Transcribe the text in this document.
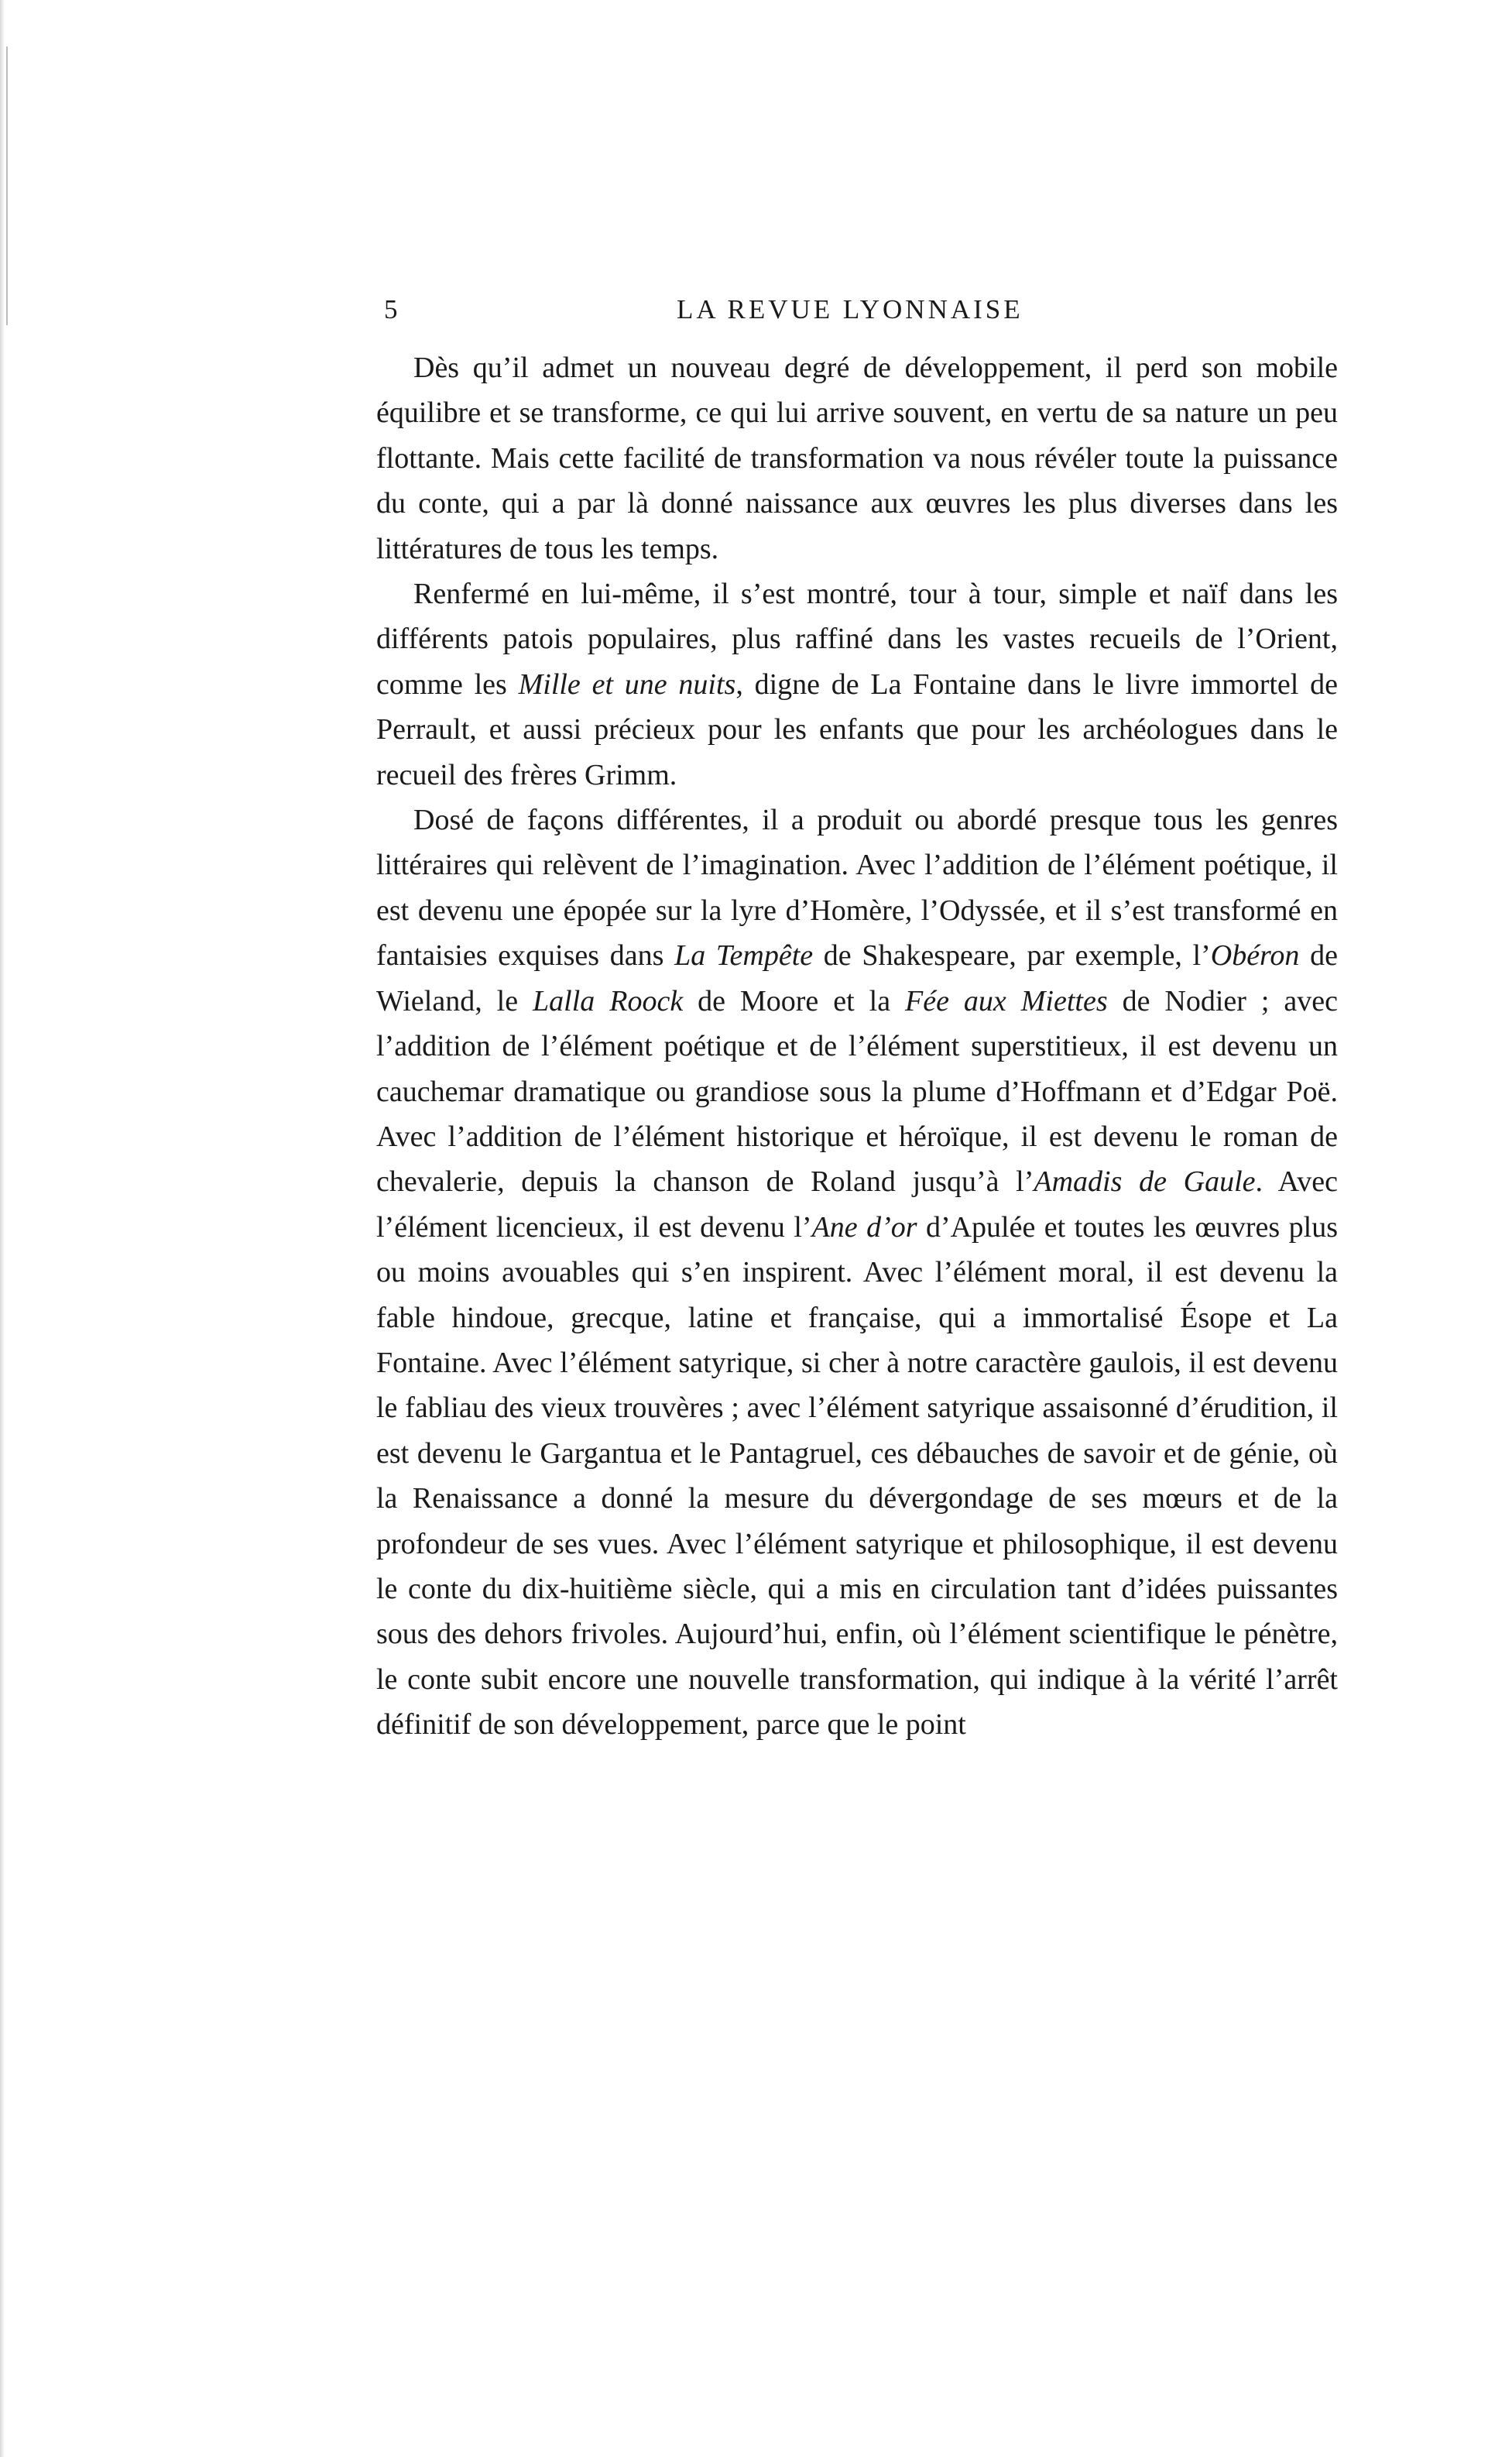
5	LA REVUE LYONNAISE

Dès qu’il admet un nouveau degré de développement, il perd son mobile équilibre et se transforme, ce qui lui arrive souvent, en vertu de sa nature un peu flottante. Mais cette facilité de transformation va nous révéler toute la puissance du conte, qui a par là donné naissance aux œuvres les plus diverses dans les littératures de tous les temps.

Renfermé en lui-même, il s’est montré, tour à tour, simple et naïf dans les différents patois populaires, plus raffiné dans les vastes recueils de l’Orient, comme les Mille et une nuits, digne de La Fontaine dans le livre immortel de Perrault, et aussi précieux pour les enfants que pour les archéologues dans le recueil des frères Grimm.

Dosé de façons différentes, il a produit ou abordé presque tous les genres littéraires qui relèvent de l’imagination. Avec l’addition de l’élément poétique, il est devenu une épopée sur la lyre d’Homère, l’Odyssée, et il s’est transformé en fantaisies exquises dans La Tempête de Shakespeare, par exemple, l’Obéron de Wieland, le Lalla Roock de Moore et la Fée aux Miettes de Nodier ; avec l’addition de l’élément poétique et de l’élément superstitieux, il est devenu un cauchemar dramatique ou grandiose sous la plume d’Hoffmann et d’Edgar Poë. Avec l’addition de l’élément historique et héroïque, il est devenu le roman de chevalerie, depuis la chanson de Roland jusqu’à l’Amadis de Gaule. Avec l’élément licencieux, il est devenu l’Ane d’or d’Apulée et toutes les œuvres plus ou moins avouables qui s’en inspirent. Avec l’élément moral, il est devenu la fable hindoue, grecque, latine et française, qui a immortalisé Ésope et La Fontaine. Avec l’élément satyrique, si cher à notre caractère gaulois, il est devenu le fabliau des vieux trouvères ; avec l’élément satyrique assaisonné d’érudition, il est devenu le Gargantua et le Pantagruel, ces débauches de savoir et de génie, où la Renaissance a donné la mesure du dévergondage de ses mœurs et de la profondeur de ses vues. Avec l’élément satyrique et philosophique, il est devenu le conte du dix-huitième siècle, qui a mis en circulation tant d’idées puissantes sous des dehors frivoles. Aujourd’hui, enfin, où l’élément scientifique le pénètre, le conte subit encore une nouvelle transformation, qui indique à la vérité l’arrêt définitif de son développement, parce que le point
